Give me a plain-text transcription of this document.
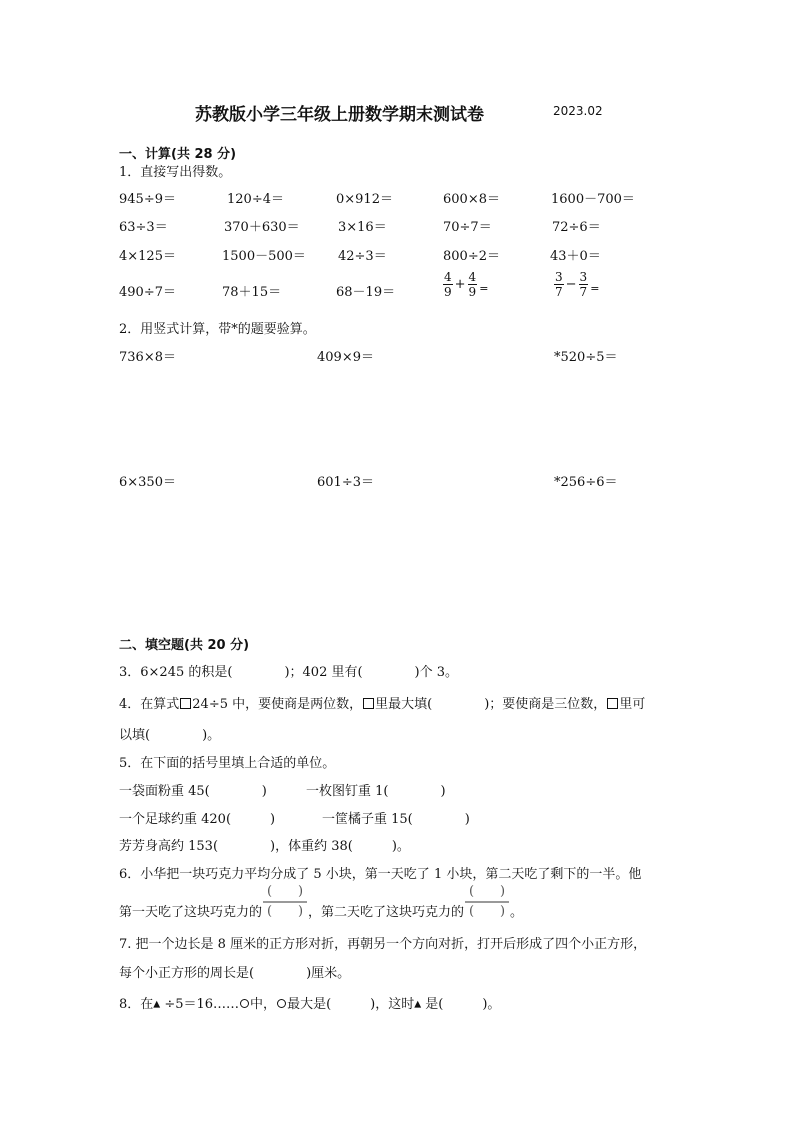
苏教版小学三年级上册数学期末测试卷	2023.02
一、计算(共 28 分)
1．直接写出得数。
945÷9＝	120÷4＝	0×912＝	600×8＝	1600－700＝
63÷3＝	370＋630＝	3×16＝	70÷7＝	72÷6＝
4×125＝	1500－500＝ 42÷3＝	800÷2＝	43＋0＝
490÷7＝	78＋15＝	68－19＝	$\frac{4}{9} + \frac{4}{9}$ =	$\frac{3}{7} - \frac{3}{7}$ =
2．用竖式计算，带*的题要验算。
736×8＝	409×9＝	*520÷5＝
6×350＝	601÷3＝	*256÷6＝
二、填空题(共 20 分)
3．6×245 的积是(　　　　)；402 里有(　　　　)个 3。
4．在算式 24÷5 中，要使商是两位数， 里最大填(　　　　)；要使商是三位数， 里可
以填(　　　　)。
5．在下面的括号里填上合适的单位。
一袋面粉重 45(　　　　)	一枚图钉重 1(　　　　)
一个足球约重 420(　　　)	一筐橘子重 15(　　　　)
芳芳身高约 153(　　　　)，体重约 38(　　　)。
6．小华把一块巧克力平均分成了 5 小块，第一天吃了 1 小块，第二天吃了剩下的一半。他
第一天吃了这块巧克力的 $\frac{( )}{( )}$ ，第二天吃了这块巧克力的 $\frac{( )}{( )}$ 。
7. 把一个边长是 8 厘米的正方形对折，再朝另一个方向对折，打开后形成了四个小正方形，
每个小正方形的周长是(　　　　)厘米。
8．在▲ ÷5＝16…… 中， 最大是(　　　)，这时▲ 是(　　　)。
